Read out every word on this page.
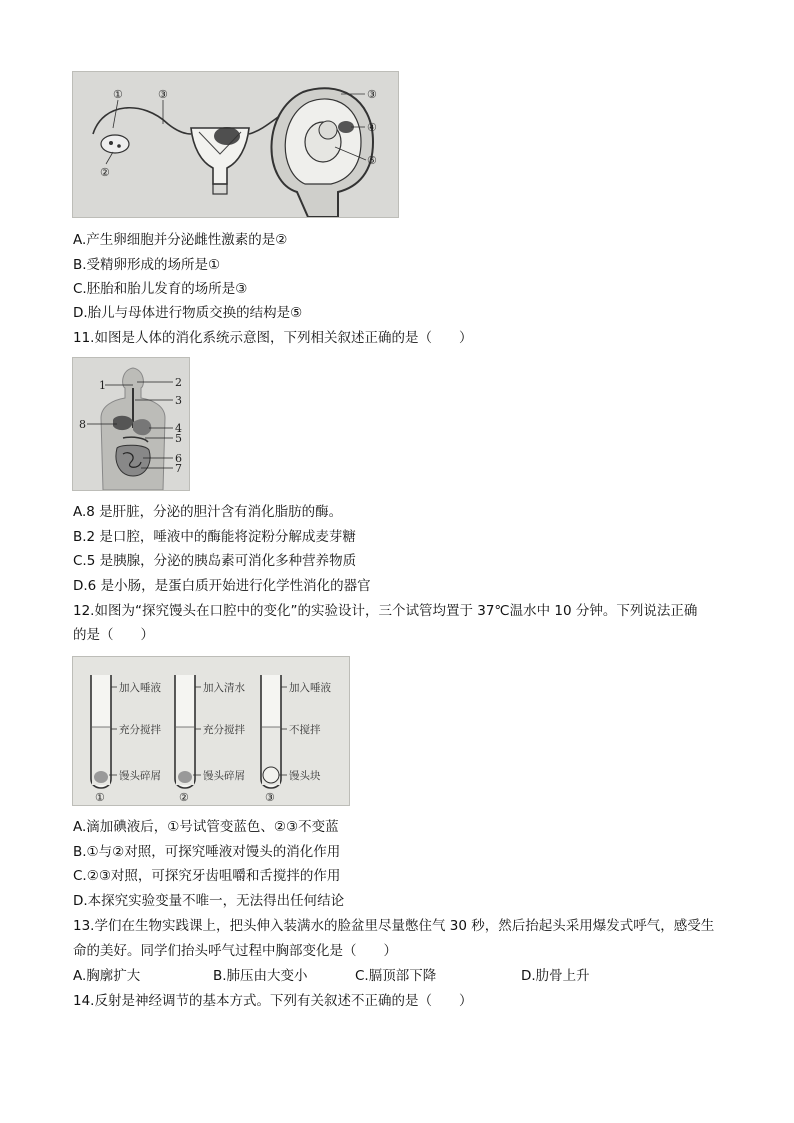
①	③
②
③
④
⑤
A.产生卵细胞并分泌雌性激素的是②
B.受精卵形成的场所是①
C.胚胎和胎儿发育的场所是③
D.胎儿与母体进行物质交换的结构是⑤
11.如图是人体的消化系统示意图，下列相关叙述正确的是（　　）
1	2
3
8	4
5
6
7
A.8 是肝脏，分泌的胆汁含有消化脂肪的酶。
B.2 是口腔，唾液中的酶能将淀粉分解成麦芽糖
C.5 是胰腺，分泌的胰岛素可消化多种营养物质
D.6 是小肠，是蛋白质开始进行化学性消化的器官
12.如图为“探究馒头在口腔中的变化”的实验设计，三个试管均置于 37℃温水中 10 分钟。下列说法正确
的是（　　）
加入唾液
充分搅拌
馒头碎屑
①
加入清水
充分搅拌
馒头碎屑
②
加入唾液
不搅拌
馒头块
③
A.滴加碘液后，①号试管变蓝色、②③不变蓝
B.①与②对照，可探究唾液对馒头的消化作用
C.②③对照，可探究牙齿咀嚼和舌搅拌的作用
D.本探究实验变量不唯一，无法得出任何结论
13.学们在生物实践课上，把头伸入装满水的脸盆里尽量憋住气 30 秒，然后抬起头采用爆发式呼气，感受生
命的美好。同学们抬头呼气过程中胸部变化是（　　）
A.胸廓扩大	B.肺压由大变小	C.膈顶部下降	D.肋骨上升
14.反射是神经调节的基本方式。下列有关叙述不正确的是（　　）
